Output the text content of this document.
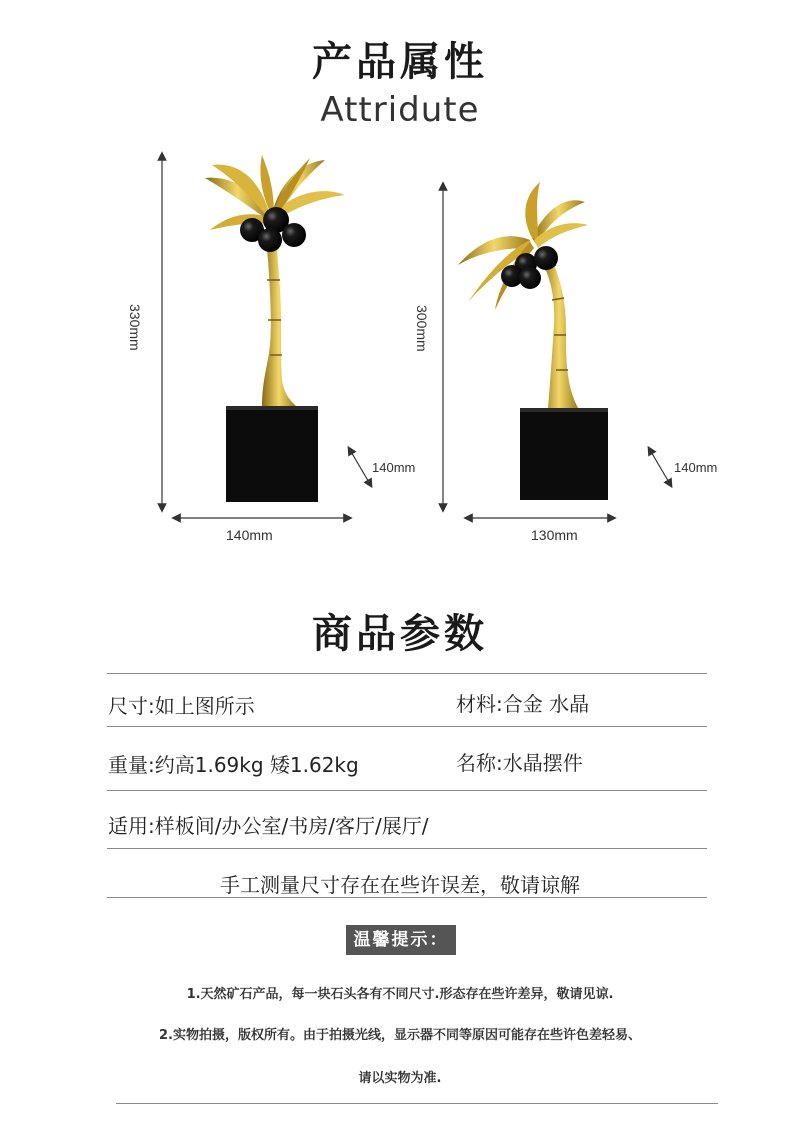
产品属性
Attridute
330mm
140mm
140mm
300mm
130mm
140mm
商品参数
尺寸:如上图所示	材料:合金 水晶
重量:约高1.69kg 矮1.62kg	名称:水晶摆件
适用:样板间/办公室/书房/客厅/展厅/
手工测量尺寸存在在些许误差，敬请谅解
温馨提示：
1.天然矿石产品，每一块石头各有不同尺寸.形态存在些许差异，敬请见谅.
2.实物拍摄，版权所有。由于拍摄光线，显示器不同等原因可能存在些许色差轻易、
请以实物为准.
